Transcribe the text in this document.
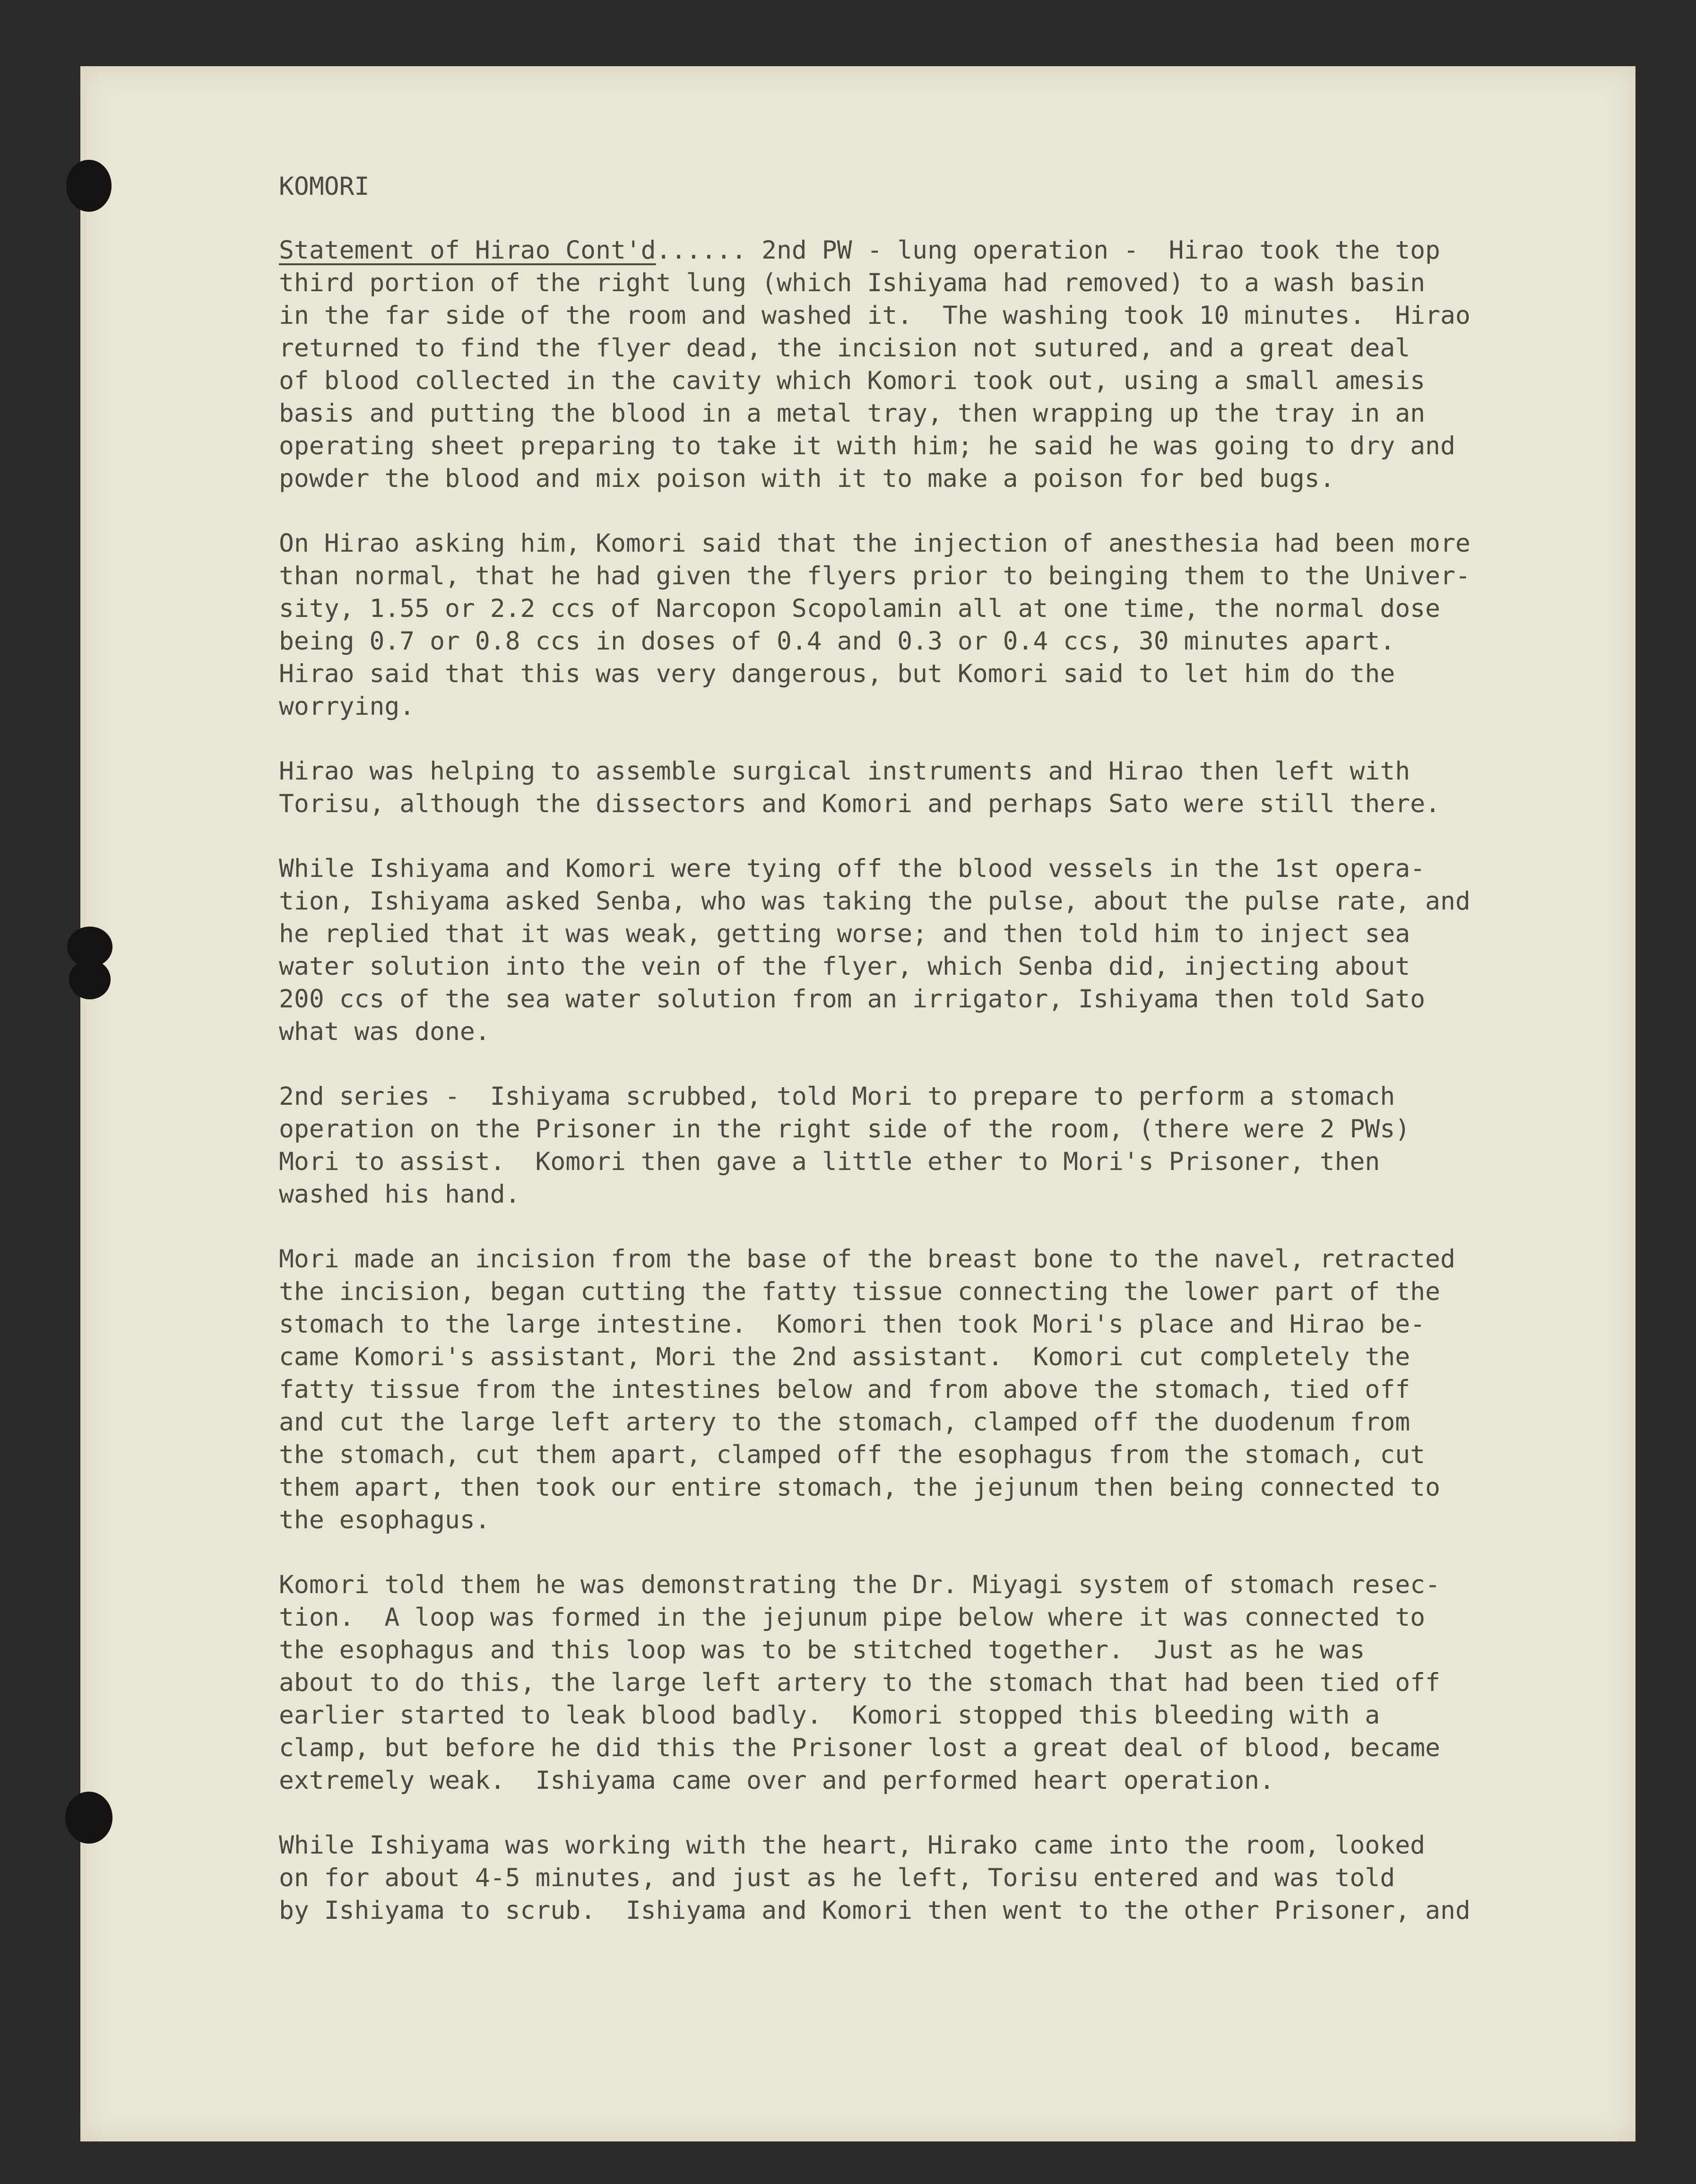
KOMORI
Statement of Hirao Cont'd...... 2nd PW - lung operation -  Hirao took the top
third portion of the right lung (which Ishiyama had removed) to a wash basin
in the far side of the room and washed it.  The washing took 10 minutes.  Hirao
returned to find the flyer dead, the incision not sutured, and a great deal
of blood collected in the cavity which Komori took out, using a small amesis
basis and putting the blood in a metal tray, then wrapping up the tray in an
operating sheet preparing to take it with him; he said he was going to dry and
powder the blood and mix poison with it to make a poison for bed bugs.
On Hirao asking him, Komori said that the injection of anesthesia had been more
than normal, that he had given the flyers prior to beinging them to the Univer-
sity, 1.55 or 2.2 ccs of Narcopon Scopolamin all at one time, the normal dose
being 0.7 or 0.8 ccs in doses of 0.4 and 0.3 or 0.4 ccs, 30 minutes apart.
Hirao said that this was very dangerous, but Komori said to let him do the
worrying.
Hirao was helping to assemble surgical instruments and Hirao then left with
Torisu, although the dissectors and Komori and perhaps Sato were still there.
While Ishiyama and Komori were tying off the blood vessels in the 1st opera-
tion, Ishiyama asked Senba, who was taking the pulse, about the pulse rate, and
he replied that it was weak, getting worse; and then told him to inject sea
water solution into the vein of the flyer, which Senba did, injecting about
200 ccs of the sea water solution from an irrigator, Ishiyama then told Sato
what was done.
2nd series -  Ishiyama scrubbed, told Mori to prepare to perform a stomach
operation on the Prisoner in the right side of the room, (there were 2 PWs)
Mori to assist.  Komori then gave a little ether to Mori's Prisoner, then
washed his hand.
Mori made an incision from the base of the breast bone to the navel, retracted
the incision, began cutting the fatty tissue connecting the lower part of the
stomach to the large intestine.  Komori then took Mori's place and Hirao be-
came Komori's assistant, Mori the 2nd assistant.  Komori cut completely the
fatty tissue from the intestines below and from above the stomach, tied off
and cut the large left artery to the stomach, clamped off the duodenum from
the stomach, cut them apart, clamped off the esophagus from the stomach, cut
them apart, then took our entire stomach, the jejunum then being connected to
the esophagus.
Komori told them he was demonstrating the Dr. Miyagi system of stomach resec-
tion.  A loop was formed in the jejunum pipe below where it was connected to
the esophagus and this loop was to be stitched together.  Just as he was
about to do this, the large left artery to the stomach that had been tied off
earlier started to leak blood badly.  Komori stopped this bleeding with a
clamp, but before he did this the Prisoner lost a great deal of blood, became
extremely weak.  Ishiyama came over and performed heart operation.
While Ishiyama was working with the heart, Hirako came into the room, looked
on for about 4-5 minutes, and just as he left, Torisu entered and was told
by Ishiyama to scrub.  Ishiyama and Komori then went to the other Prisoner, and
